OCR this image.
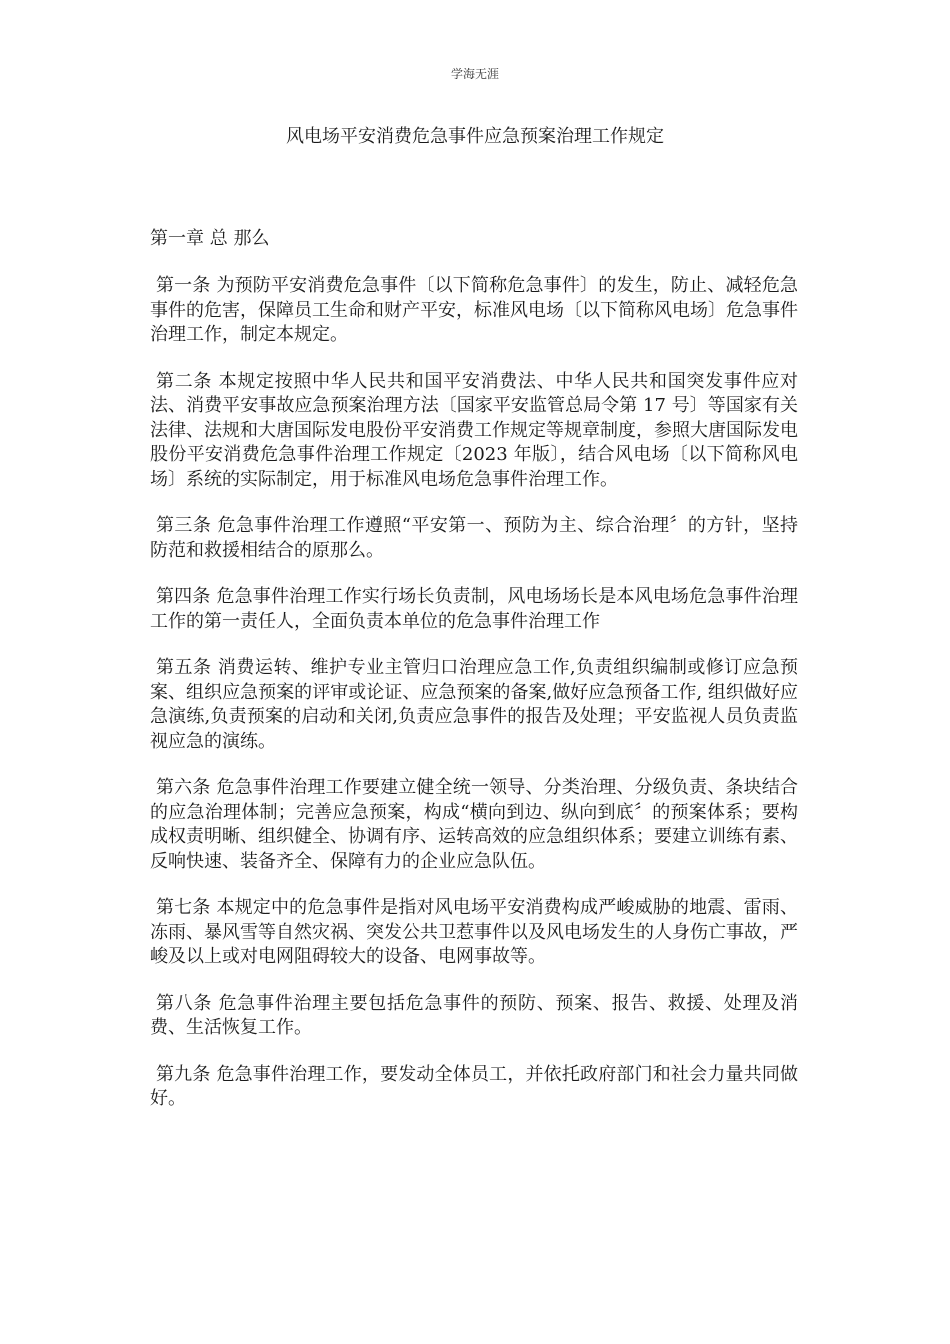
学海无涯
风电场平安消费危急事件应急预案治理工作规定
第一章 总 那么

第一条 为预防平安消费危急事件〔以下简称危急事件〕的发生，防止、减轻危急事件的危害，保障员工生命和财产平安，标准风电场〔以下简称风电场〕危急事件治理工作，制定本规定。

第二条 本规定按照中华人民共和国平安消费法、中华人民共和国突发事件应对法、消费平安事故应急预案治理方法〔国家平安监管总局令第 17 号〕等国家有关法律、法规和大唐国际发电股份平安消费工作规定等规章制度，参照大唐国际发电股份平安消费危急事件治理工作规定〔2023 年版〕，结合风电场〔以下简称风电场〕系统的实际制定，用于标准风电场危急事件治理工作。

第三条 危急事件治理工作遵照“平安第一、预防为主、综合治理〞的方针，坚持防范和救援相结合的原那么。

第四条 危急事件治理工作实行场长负责制，风电场场长是本风电场危急事件治理工作的第一责任人，全面负责本单位的危急事件治理工作

第五条 消费运转、维护专业主管归口治理应急工作,负责组织编制或修订应急预案、组织应急预案的评审或论证、应急预案的备案,做好应急预备工作, 组织做好应急演练,负责预案的启动和关闭,负责应急事件的报告及处理；平安监视人员负责监视应急的演练。

第六条 危急事件治理工作要建立健全统一领导、分类治理、分级负责、条块结合的应急治理体制；完善应急预案，构成“横向到边、纵向到底〞的预案体系；要构成权责明晰、组织健全、协调有序、运转高效的应急组织体系；要建立训练有素、反响快速、装备齐全、保障有力的企业应急队伍。

第七条 本规定中的危急事件是指对风电场平安消费构成严峻威胁的地震、雷雨、冻雨、暴风雪等自然灾祸、突发公共卫惹事件以及风电场发生的人身伤亡事故，严峻及以上或对电网阻碍较大的设备、电网事故等。

第八条 危急事件治理主要包括危急事件的预防、预案、报告、救援、处理及消费、生活恢复工作。

第九条 危急事件治理工作，要发动全体员工，并依托政府部门和社会力量共同做好。
